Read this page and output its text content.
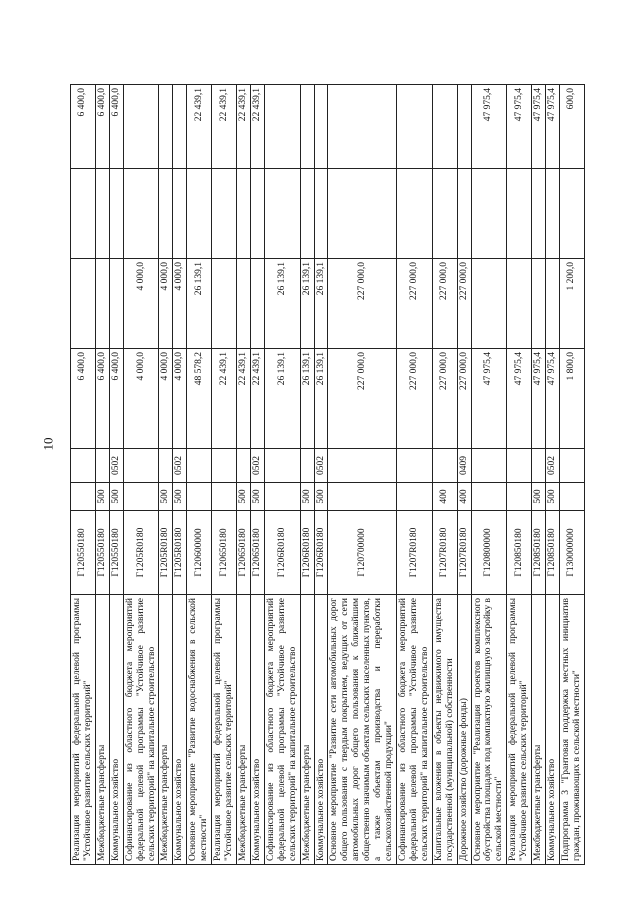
10
Реализация мероприятий федеральной целевой программы "Устойчивое развитие сельских территорий"	Г120550180			6 400,0			6 400,0
Межбюджетные трансферты	Г120550180	500		6 400,0			6 400,0
Коммунальное хозяйство	Г120550180	500	0502	6 400,0			6 400,0
Софинансирование из областного бюджета мероприятий федеральной целевой программы "Устойчивое развитие сельских территорий" на капитальное строительство	Г1205R0180			4 000,0	4 000,0		
Межбюджетные трансферты	Г1205R0180	500		4 000,0	4 000,0		
Коммунальное хозяйство	Г1205R0180	500	0502	4 000,0	4 000,0		
Основное мероприятие "Развитие водоснабжения в сельской местности"	Г120600000			48 578,2	26 139,1		22 439,1
Реализация мероприятий федеральной целевой программы "Устойчивое развитие сельских территорий"	Г120650180			22 439,1			22 439,1
Межбюджетные трансферты	Г120650180	500		22 439,1			22 439,1
Коммунальное хозяйство	Г120650180	500	0502	22 439,1			22 439,1
Софинансирование из областного бюджета мероприятий федеральной целевой программы "Устойчивое развитие сельских территорий" на капитальное строительство	Г1206R0180			26 139,1	26 139,1		
Межбюджетные трансферты	Г1206R0180	500		26 139,1	26 139,1		
Коммунальное хозяйство	Г1206R0180	500	0502	26 139,1	26 139,1		
Основное мероприятие "Развитие сети автомобильных дорог общего пользования с твердым покрытием, ведущих от сети автомобильных дорог общего пользования к ближайшим общественно значимым объектам сельских населенных пунктов, а также объектам производства и переработки сельскохозяйственной продукции"	Г120700000			227 000,0	227 000,0		
Софинансирование из областного бюджета мероприятий федеральной целевой программы "Устойчивое развитие сельских территорий" на капитальное строительство	Г1207R0180			227 000,0	227 000,0		
Капитальные вложения в объекты недвижимого имущества государственной (муниципальной) собственности	Г1207R0180	400		227 000,0	227 000,0		
Дорожное хозяйство (дорожные фонды)	Г1207R0180	400	0409	227 000,0	227 000,0		
Основное мероприятие "Реализация проектов комплексного обустройства площадок под компактную жилищную застройку в сельской местности"	Г120800000			47 975,4			47 975,4
Реализация мероприятий федеральной целевой программы "Устойчивое развитие сельских территорий"	Г120850180			47 975,4			47 975,4
Межбюджетные трансферты	Г120850180	500		47 975,4			47 975,4
Коммунальное хозяйство	Г120850180	500	0502	47 975,4			47 975,4
Подпрограмма 3 "Грантовая поддержка местных инициатив граждан, проживающих в сельской местности"	Г130000000			1 800,0	1 200,0		600,0
